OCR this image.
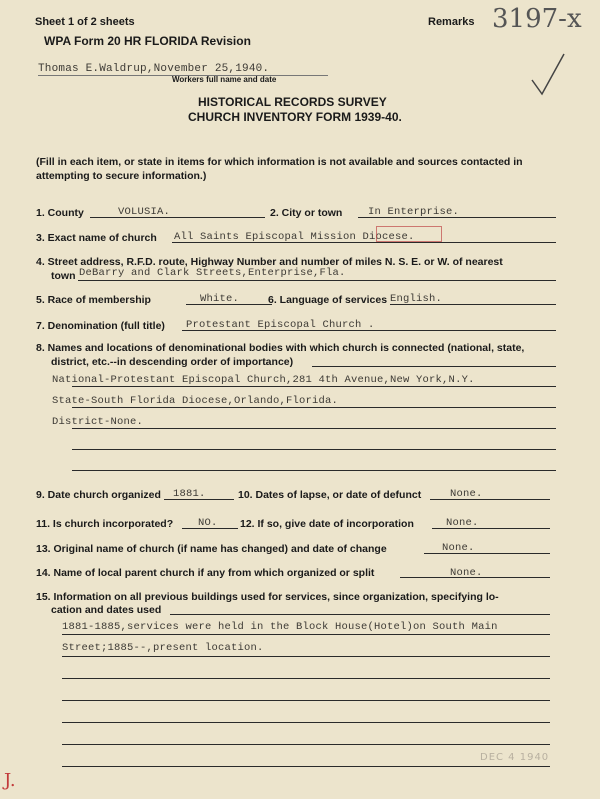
Sheet 1 of 2 sheets	Remarks 3197-x
WPA Form 20 HR FLORIDA Revision
Thomas E.Waldrup,November 25,1940.
Workers full name and date
HISTORICAL RECORDS SURVEY
CHURCH INVENTORY FORM 1939-40.
(Fill in each item, or state in items for which information is not available and sources contacted in attempting to secure information.)
1. County	VOLUSIA.	2. City or town In Enterprise.
3. Exact name of church All Saints Episcopal Mission Diocese.
4. Street address, R.F.D. route, Highway Number and number of miles N. S. E. or W. of nearest
town DeBarry and Clark Streets,Enterprise,Fla.
5. Race of membership	White.	6. Language of services English.
7. Denomination (full title) Protestant Episcopal Church .
8. Names and locations of denominational bodies with which church is connected (national, state,
district, etc.--in descending order of importance)
National-Protestant Episcopal Church,281 4th Avenue,New York,N.Y.
State-South Florida Diocese,Orlando,Florida.
District-None.
9. Date church organized 1881.	10. Dates of lapse, or date of defunct	None.
11. Is church incorporated? NO. 12. If so, give date of incorporation	None.
13. Original name of church (if name has changed) and date of change	None.
14. Name of local parent church if any from which organized or split	None.
15. Information on all previous buildings used for services, since organization, specifying lo-
cation and dates used
1881-1885,services were held in the Block House(Hotel)on South Main
Street;1885--,present location.
DEC 4 1940
J.
